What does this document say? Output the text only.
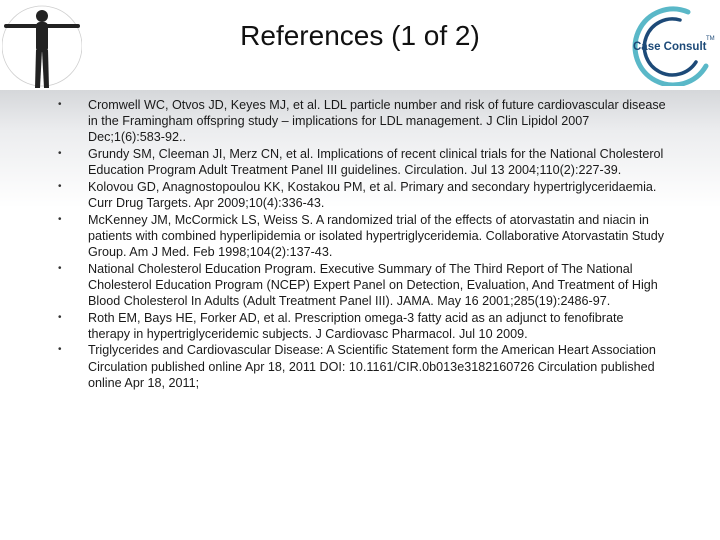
References (1 of 2)	Case Consult
TM
• Cromwell WC, Otvos JD, Keyes MJ, et al. LDL particle number and risk of future cardiovascular disease in the Framingham offspring study – implications for LDL management. J Clin Lipidol 2007 Dec;1(6):583-92..
• Grundy SM, Cleeman JI, Merz CN, et al. Implications of recent clinical trials for the National Cholesterol Education Program Adult Treatment Panel III guidelines. Circulation. Jul 13 2004;110(2):227-39.
• Kolovou GD, Anagnostopoulou KK, Kostakou PM, et al. Primary and secondary hypertriglyceridaemia. Curr Drug Targets. Apr 2009;10(4):336-43.
• McKenney JM, McCormick LS, Weiss S. A randomized trial of the effects of atorvastatin and niacin in patients with combined hyperlipidemia or isolated hypertriglyceridemia. Collaborative Atorvastatin Study Group. Am J Med. Feb 1998;104(2):137-43.
• National Cholesterol Education Program. Executive Summary of The Third Report of The National Cholesterol Education Program (NCEP) Expert Panel on Detection, Evaluation, And Treatment of High Blood Cholesterol In Adults (Adult Treatment Panel III). JAMA. May 16 2001;285(19):2486-97.
• Roth EM, Bays HE, Forker AD, et al. Prescription omega-3 fatty acid as an adjunct to fenofibrate therapy in hypertriglyceridemic subjects. J Cardiovasc Pharmacol. Jul 10 2009.
• Triglycerides and Cardiovascular Disease: A Scientific Statement form the American Heart Association Circulation published online Apr 18, 2011 DOI: 10.1161/CIR.0b013e3182160726 Circulation published online Apr 18, 2011;
